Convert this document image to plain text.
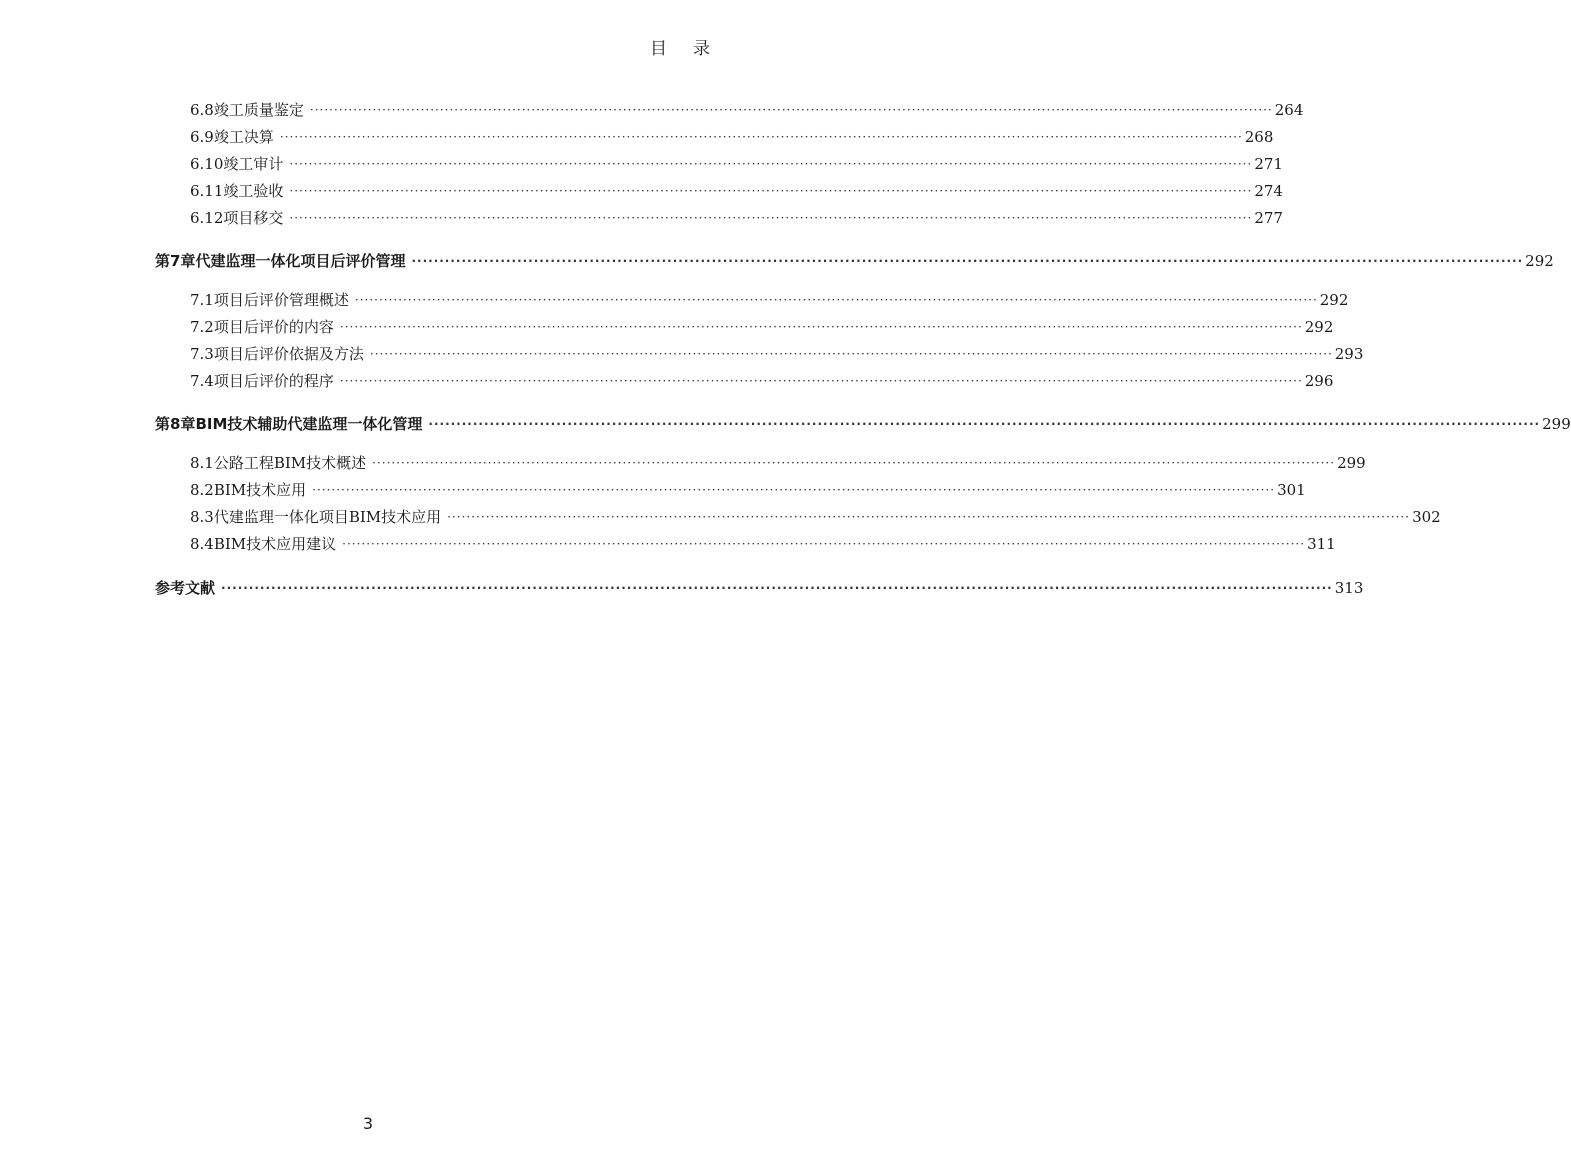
目 录
6.8 竣工质量鉴定 ········································································································································································································ 264
6.9 竣工决算 ········································································································································································································ 268
6.10 竣工审计 ········································································································································································································ 271
6.11 竣工验收 ········································································································································································································ 274
6.12 项目移交 ········································································································································································································ 277
第7章 代建监理一体化项目后评价管理 ········································································································································································································ 292
7.1 项目后评价管理概述 ········································································································································································································ 292
7.2 项目后评价的内容 ········································································································································································································ 292
7.3 项目后评价依据及方法 ········································································································································································································ 293
7.4 项目后评价的程序 ········································································································································································································ 296
第8章 BIM技术辅助代建监理一体化管理 ········································································································································································································ 299
8.1 公路工程BIM技术概述 ········································································································································································································ 299
8.2 BIM技术应用 ········································································································································································································ 301
8.3 代建监理一体化项目BIM技术应用 ········································································································································································································ 302
8.4 BIM技术应用建议 ········································································································································································································ 311
参考文献 ········································································································································································································ 313
3
